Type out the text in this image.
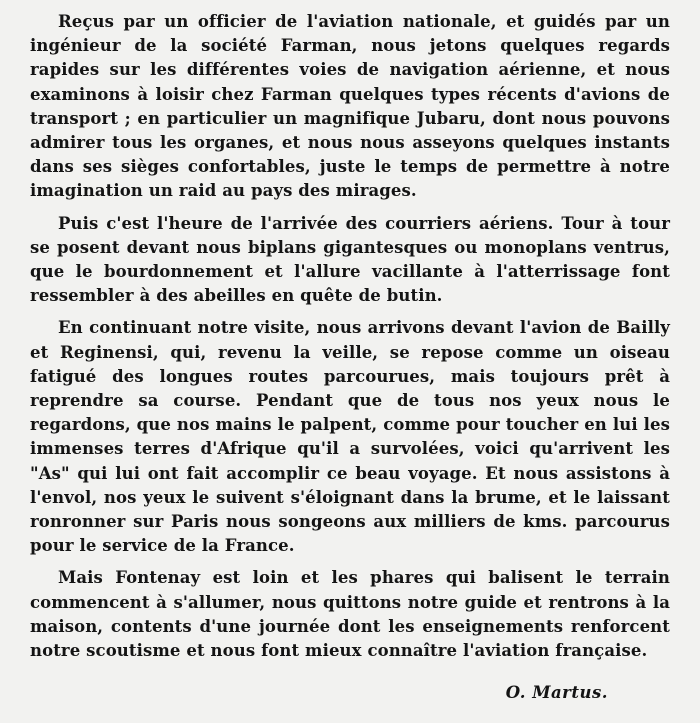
Reçus par un officier de l'aviation nationale, et guidés par un ingénieur de la société Farman, nous jetons quelques regards rapides sur les différentes voies de navigation aérienne, et nous examinons à loisir chez Farman quelques types récents d'avions de transport ; en particulier un magnifique Jubaru, dont nous pouvons admirer tous les organes, et nous nous asseyons quelques instants dans ses sièges confortables, juste le temps de permettre à notre imagination un raid au pays des mirages.

Puis c'est l'heure de l'arrivée des courriers aériens. Tour à tour se posent devant nous biplans gigantesques ou monoplans ventrus, que le bourdonnement et l'allure vacillante à l'atterrissage font ressembler à des abeilles en quête de butin.

En continuant notre visite, nous arrivons devant l'avion de Bailly et Reginensi, qui, revenu la veille, se repose comme un oiseau fatigué des longues routes parcourues, mais toujours prêt à reprendre sa course. Pendant que de tous nos yeux nous le regardons, que nos mains le palpent, comme pour toucher en lui les immenses terres d'Afrique qu'il a survolées, voici qu'arrivent les "As" qui lui ont fait accomplir ce beau voyage. Et nous assistons à l'envol, nos yeux le suivent s'éloignant dans la brume, et le laissant ronronner sur Paris nous songeons aux milliers de kms. parcourus pour le service de la France.

Mais Fontenay est loin et les phares qui balisent le terrain commencent à s'allumer, nous quittons notre guide et rentrons à la maison, contents d'une journée dont les enseignements renforcent notre scoutisme et nous font mieux connaître l'aviation française.

O. Martus.
